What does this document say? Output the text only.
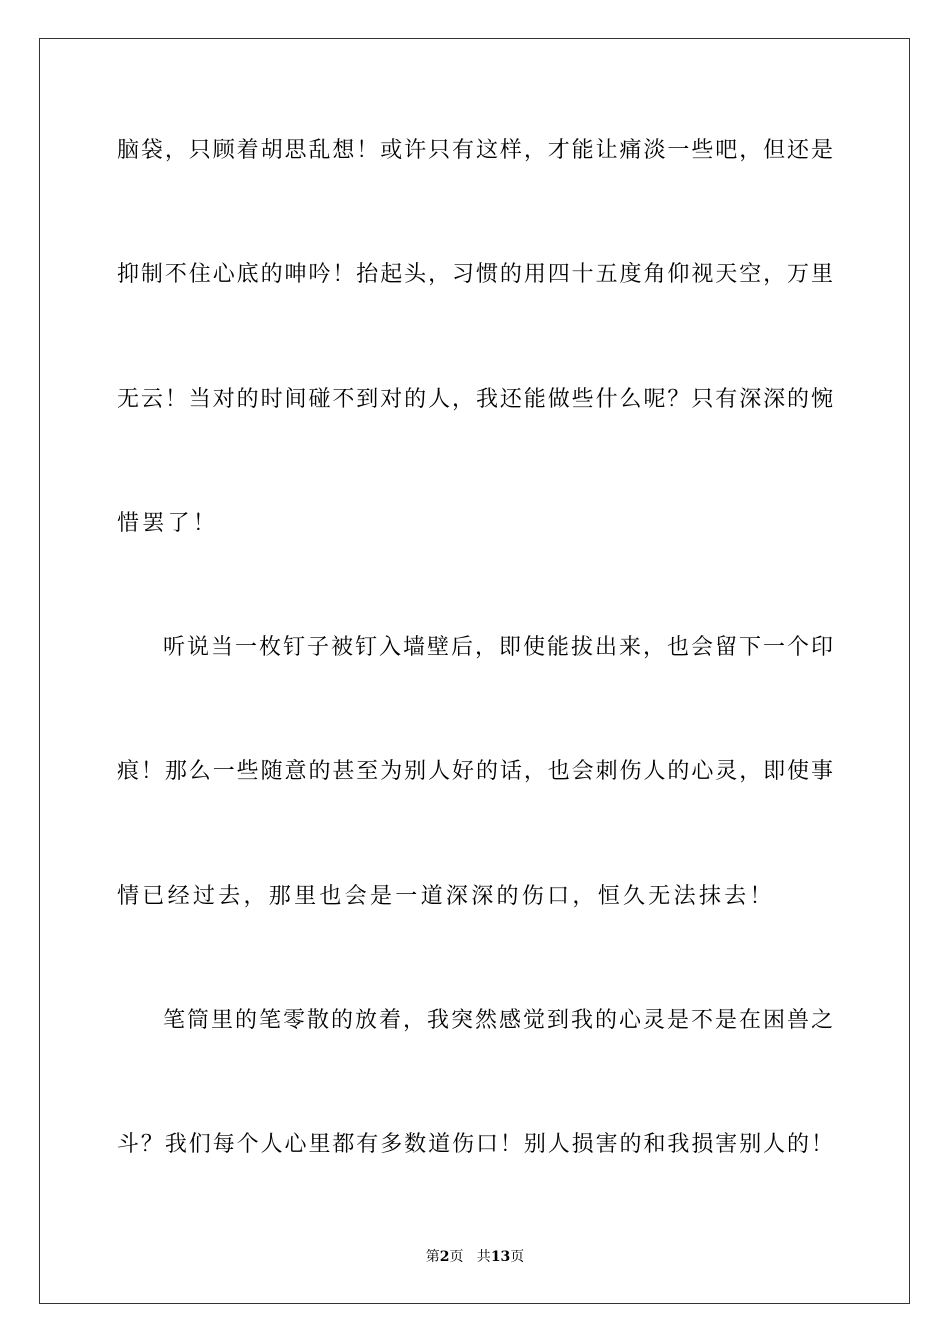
脑袋，只顾着胡思乱想！或许只有这样，才能让痛淡一些吧，但还是
抑制不住心底的呻吟！抬起头，习惯的用四十五度角仰视天空，万里
无云！当对的时间碰不到对的人，我还能做些什么呢？只有深深的惋
惜罢了！
听说当一枚钉子被钉入墙壁后，即使能拔出来，也会留下一个印
痕！那么一些随意的甚至为别人好的话，也会刺伤人的心灵，即使事
情已经过去，那里也会是一道深深的伤口，恒久无法抹去！
笔筒里的笔零散的放着，我突然感觉到我的心灵是不是在困兽之
斗？我们每个人心里都有多数道伤口！别人损害的和我损害别人的！
第2页   共13页
